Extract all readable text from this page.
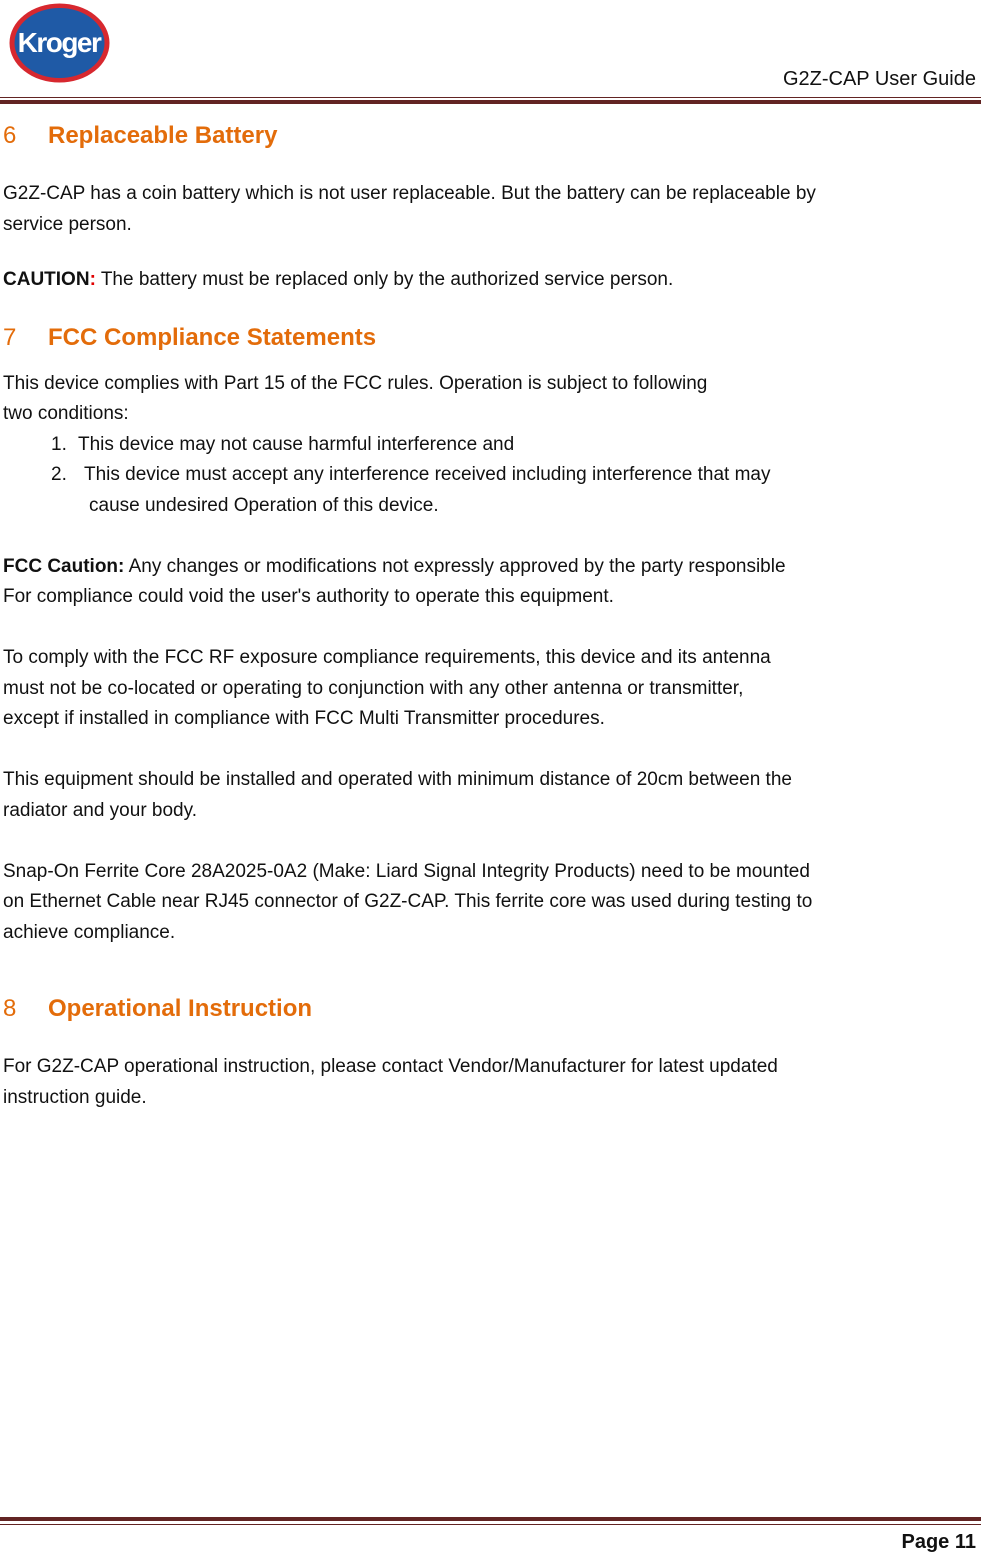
Kroger
G2Z-CAP User Guide
6 Replaceable Battery
G2Z-CAP has a coin battery which is not user replaceable. But the battery can be replaceable by
service person.
CAUTION: The battery must be replaced only by the authorized service person.
7 FCC Compliance Statements
This device complies with Part 15 of the FCC rules. Operation is subject to following
two conditions:
1. This device may not cause harmful interference and
2. This device must accept any interference received including interference that may
cause undesired Operation of this device.
FCC Caution: Any changes or modifications not expressly approved by the party responsible
For compliance could void the user's authority to operate this equipment.
To comply with the FCC RF exposure compliance requirements, this device and its antenna
must not be co-located or operating to conjunction with any other antenna or transmitter,
except if installed in compliance with FCC Multi Transmitter procedures.
This equipment should be installed and operated with minimum distance of 20cm between the
radiator and your body.
Snap-On Ferrite Core 28A2025-0A2 (Make: Liard Signal Integrity Products) need to be mounted
on Ethernet Cable near RJ45 connector of G2Z-CAP. This ferrite core was used during testing to
achieve compliance.
8 Operational Instruction
For G2Z-CAP operational instruction, please contact Vendor/Manufacturer for latest updated
instruction guide.
Page 11
